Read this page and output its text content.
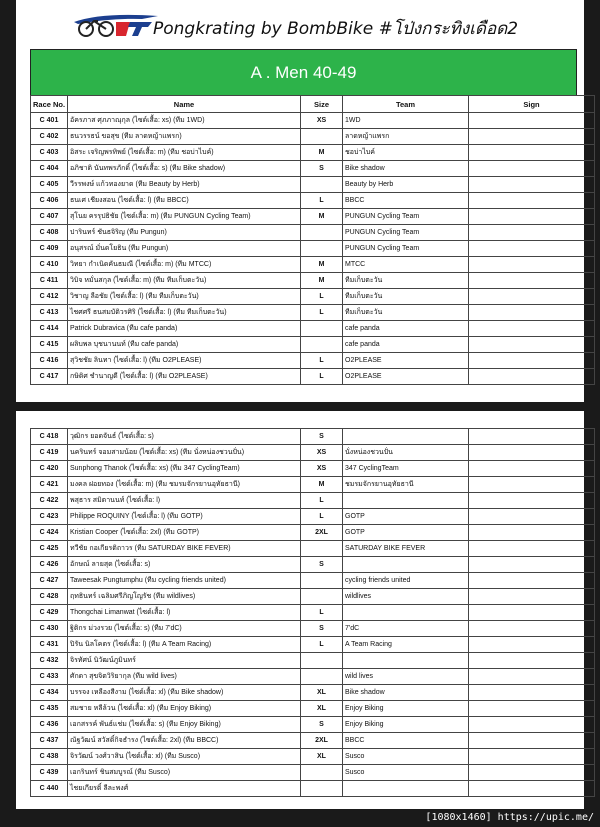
Pongkrating by BombBike #โป่งกระทิงเดือด2
A . Men 40-49
Race No.	Name	Size	Team	Sign
C 401	อัครภาส ศุภภาณุกุล (ไซด์เสื้อ: xs) (ทีม 1WD)	XS	1WD	
C 402	ธนวรรธน์ ขอสุข (ทีม ลาดหญ้าแพรก)		ลาดหญ้าแพรก	
C 403	อิสระ เจริญพรทิพย์ (ไซด์เสื้อ: m) (ทีม ชอบ่าไบค์)	M	ชอบ่าไบค์	
C 404	อภิชาติ นันทพรภักดิ์ (ไซด์เสื้อ: s) (ทีม Bike shadow)	S	Bike shadow	
C 405	วีรรพงษ์ แก้วทองยาด (ทีม Beauty by Herb)		Beauty by Herb	
C 406	ธนเศ เชียงสอน (ไซด์เสื้อ: l) (ทีม BBCC)	L	BBCC	
C 407	สุโนย ครรุปธิชัย (ไซด์เสื้อ: m) (ทีม PUNGUN Cycling Team)	M	PUNGUN Cycling Team	
C 408	ปารินทร์ ชันธจิริญ (ทีม Pungun)		PUNGUN Cycling Team	
C 409	อนุสรณ์ มั่นดโยธิน (ทีม Pungun)		PUNGUN Cycling Team	
C 410	วิทยา กำเนิดคันธมณี (ไซด์เสื้อ: m) (ทีม MTCC)	M	MTCC	
C 411	วิบิจ หมั่นสกุล (ไซด์เสื้อ: m) (ทีม ทีมเก็บตะวัน)	M	ทีมเก็บตะวัน	
C 412	วิชาญ ลือชัย (ไซด์เสื้อ: l) (ทีม ทีมเก็บตะวัน)	L	ทีมเก็บตะวัน	
C 413	ไชศศรี ธนสมบัติวรศิริ (ไซด์เสื้อ: l) (ทีม ทีมเก็บตะวัน)	L	ทีมเก็บตะวัน	
C 414	Patrick Dubravica (ทีม cafe panda)		cafe panda	
C 415	ผลิบพล บุชนานนท์ (ทีม cafe panda)		cafe panda	
C 416	สุวิชชัย ลินทา (ไซด์เสื้อ: l) (ทีม O2PLEASE)	L	O2PLEASE	
C 417	กษิดิศ ชำนาญดี (ไซด์เสื้อ: l) (ทีม O2PLEASE)	L	O2PLEASE	
C 418	วุฒิกร ยอดจันธ์ (ไซด์เสื้อ: s)	S		
C 419	นครินทร์ จอมสามน้อย (ไซด์เสื้อ: xs) (ทีม นั่งหน่องชวนปั่น)	XS	นั่งหน่องชวนปั่น	
C 420	Sunphong Thanok (ไซด์เสื้อ: xs) (ทีม 347 CyclingTeam)	XS	347 CyclingTeam	
C 421	มงคล ฝอยทอง (ไซด์เสื้อ: m) (ทีม ชมรมจักรยานอุทัยธานี)	M	ชมรมจักรยานอุทัยธานี	
C 422	พสุธาร สมิตานนท์ (ไซด์เสื้อ: l)	L		
C 423	Philippe ROQUINY (ไซด์เสื้อ: l) (ทีม GOTP)	L	GOTP	
C 424	Kristian Cooper (ไซด์เสื้อ: 2xl) (ทีม GOTP)	2XL	GOTP	
C 425	ทวีชัย กอเกียรติถาวร (ทีม SATURDAY BIKE FEVER)		SATURDAY BIKE FEVER	
C 426	อักษณ์ ลายสุด (ไซด์เสื้อ: s)	S		
C 427	Taweesak Pungtumphu (ทีม cycling friends united)		cycling friends united	
C 428	ฤทธินทร์ เฉลิมศรีภิญโญรัช (ทีม wildlives)		wildlives	
C 429	Thongchai Limanwat (ไซด์เสื้อ: l)	L		
C 430	ฐิติกร ม่วงรวย (ไซด์เสื้อ: s) (ทีม 7'dC)	S	7'dC	
C 431	ปิรัน นิลโคตร (ไซด์เสื้อ: l) (ทีม A Team Racing)	L	A Team Racing	
C 432	จิรทัศน์ นิวัฒน์ภูมินทร์			
C 433	ศักดา สุขจิตวิริยากุล (ทีม wild lives)		wild lives	
C 434	บรรจง เหลืองสีงาม (ไซด์เสื้อ: xl) (ทีม Bike shadow)	XL	Bike shadow	
C 435	สมชาย หลีล้วน (ไซด์เสื้อ: xl) (ทีม Enjoy Biking)	XL	Enjoy Biking	
C 436	เอกสรรค์ พันธ์แช่ม (ไซด์เสื้อ: s) (ทีม Enjoy Biking)	S	Enjoy Biking	
C 437	ณัฐวัฒน์ สวัสดิ์กิจธำรง (ไซด์เสื้อ: 2xl) (ทีม BBCC)	2XL	BBCC	
C 438	จิรวัฒน์ วงศ์วาสิน (ไซด์เสื้อ: xl) (ทีม Susco)	XL	Susco	
C 439	เอกรินทร์ ชินสมบูรณ์ (ทีม Susco)		Susco	
C 440	ไชยเกียรติ์ ลีละพงศ์			
[1080x1460] https://upic.me/
